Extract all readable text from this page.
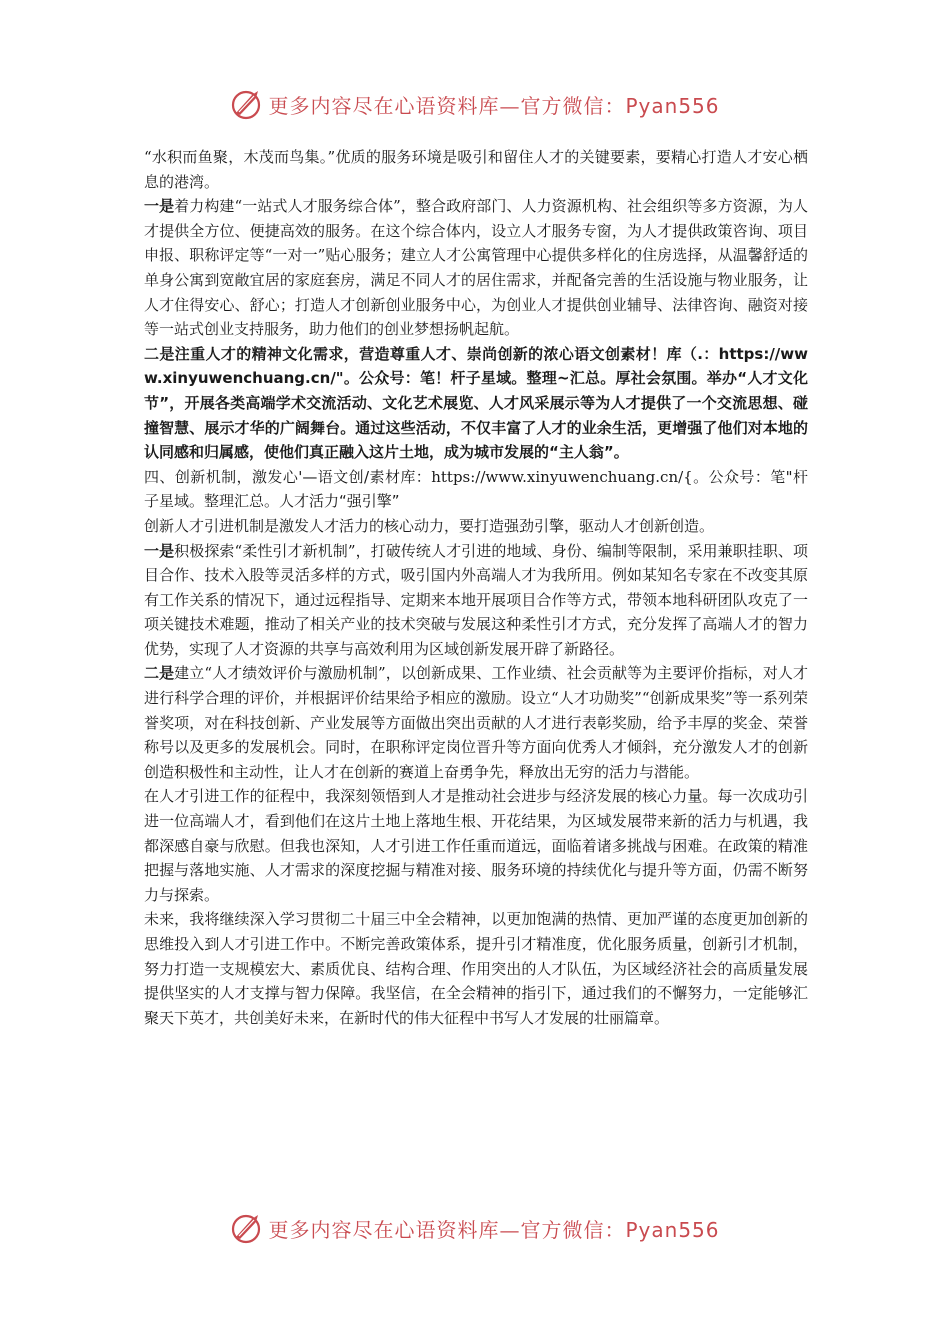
更多内容尽在心语资料库—官方微信：Pyan556

“水积而鱼聚，木茂而鸟集。”优质的服务环境是吸引和留住人才的关键要素，要精心打造人才安心栖息的港湾。

一是着力构建“一站式人才服务综合体”，整合政府部门、人力资源机构、社会组织等多方资源，为人才提供全方位、便捷高效的服务。在这个综合体内，设立人才服务专窗，为人才提供政策咨询、项目申报、职称评定等“一对一”贴心服务；建立人才公寓管理中心提供多样化的住房选择，从温馨舒适的单身公寓到宽敞宜居的家庭套房，满足不同人才的居住需求，并配备完善的生活设施与物业服务，让人才住得安心、舒心；打造人才创新创业服务中心，为创业人才提供创业辅导、法律咨询、融资对接等一站式创业支持服务，助力他们的创业梦想扬帆起航。

二是注重人才的精神文化需求，营造尊重人才、崇尚创新的浓心语文创素材！库（.：https://www.xinyuwenchuang.cn/"。公众号：笔！杆子星域。整理~汇总。厚社会氛围。举办“人才文化节”，开展各类高端学术交流活动、文化艺术展览、人才风采展示等为人才提供了一个交流思想、碰撞智慧、展示才华的广阔舞台。通过这些活动，不仅丰富了人才的业余生活，更增强了他们对本地的认同感和归属感，使他们真正融入这片土地，成为城市发展的“主人翁”。

四、创新机制，激发心'—语文创/素材库：https://www.xinyuwenchuang.cn/{。公众号：笔"杆子星域。整理汇总。人才活力“强引擎”

创新人才引进机制是激发人才活力的核心动力，要打造强劲引擎，驱动人才创新创造。

一是积极探索“柔性引才新机制”，打破传统人才引进的地域、身份、编制等限制，采用兼职挂职、项目合作、技术入股等灵活多样的方式，吸引国内外高端人才为我所用。例如某知名专家在不改变其原有工作关系的情况下，通过远程指导、定期来本地开展项目合作等方式，带领本地科研团队攻克了一项关键技术难题，推动了相关产业的技术突破与发展这种柔性引才方式，充分发挥了高端人才的智力优势，实现了人才资源的共享与高效利用为区域创新发展开辟了新路径。

二是建立“人才绩效评价与激励机制”，以创新成果、工作业绩、社会贡献等为主要评价指标，对人才进行科学合理的评价，并根据评价结果给予相应的激励。设立“人才功勋奖”“创新成果奖”等一系列荣誉奖项，对在科技创新、产业发展等方面做出突出贡献的人才进行表彰奖励，给予丰厚的奖金、荣誉称号以及更多的发展机会。同时，在职称评定岗位晋升等方面向优秀人才倾斜，充分激发人才的创新创造积极性和主动性，让人才在创新的赛道上奋勇争先，释放出无穷的活力与潜能。

在人才引进工作的征程中，我深刻领悟到人才是推动社会进步与经济发展的核心力量。每一次成功引进一位高端人才，看到他们在这片土地上落地生根、开花结果，为区域发展带来新的活力与机遇，我都深感自豪与欣慰。但我也深知，人才引进工作任重而道远，面临着诸多挑战与困难。在政策的精准把握与落地实施、人才需求的深度挖掘与精准对接、服务环境的持续优化与提升等方面，仍需不断努力与探索。

未来，我将继续深入学习贯彻二十届三中全会精神，以更加饱满的热情、更加严谨的态度更加创新的思维投入到人才引进工作中。不断完善政策体系，提升引才精准度，优化服务质量，创新引才机制，努力打造一支规模宏大、素质优良、结构合理、作用突出的人才队伍，为区域经济社会的高质量发展提供坚实的人才支撑与智力保障。我坚信，在全会精神的指引下，通过我们的不懈努力，一定能够汇聚天下英才，共创美好未来，在新时代的伟大征程中书写人才发展的壮丽篇章。

更多内容尽在心语资料库—官方微信：Pyan556
